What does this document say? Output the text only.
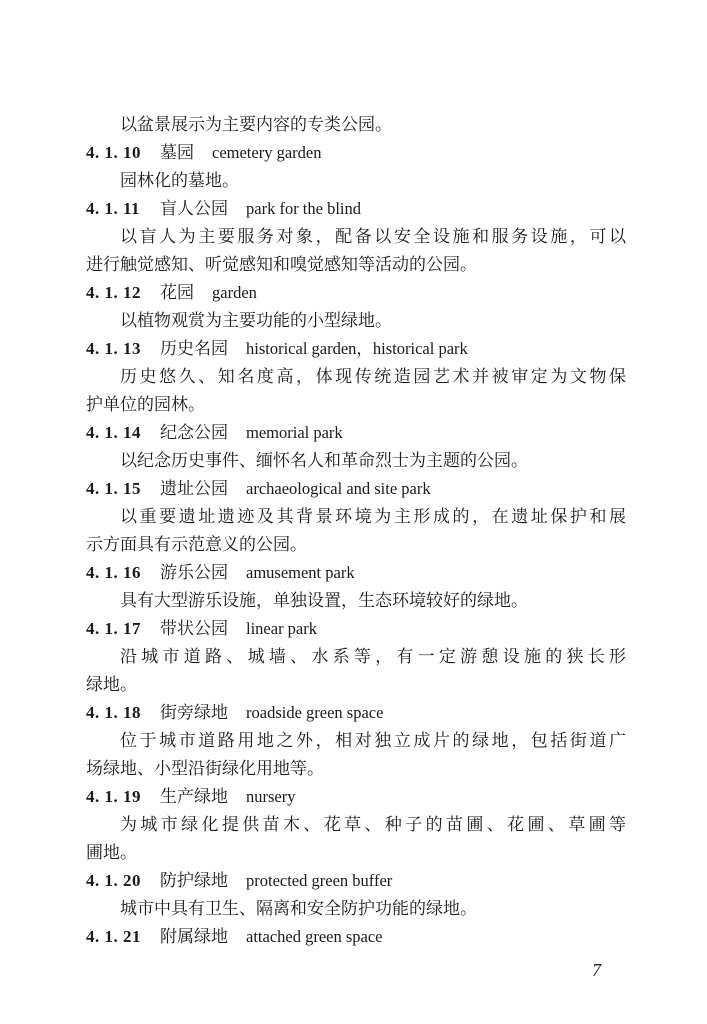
以盆景展示为主要内容的专类公园。
4. 1. 10 墓园 cemetery garden
园林化的墓地。
4. 1. 11 盲人公园 park for the blind
以盲人为主要服务对象，配备以安全设施和服务设施，可以
进行触觉感知、听觉感知和嗅觉感知等活动的公园。
4. 1. 12 花园 garden
以植物观赏为主要功能的小型绿地。
4. 1. 13 历史名园 historical garden，historical park
历史悠久、知名度高，体现传统造园艺术并被审定为文物保
护单位的园林。
4. 1. 14 纪念公园 memorial park
以纪念历史事件、缅怀名人和革命烈士为主题的公园。
4. 1. 15 遗址公园 archaeological and site park
以重要遗址遗迹及其背景环境为主形成的，在遗址保护和展
示方面具有示范意义的公园。
4. 1. 16 游乐公园 amusement park
具有大型游乐设施，单独设置，生态环境较好的绿地。
4. 1. 17 带状公园 linear park
沿城市道路、城墙、水系等，有一定游憩设施的狭长形
绿地。
4. 1. 18 街旁绿地 roadside green space
位于城市道路用地之外，相对独立成片的绿地，包括街道广
场绿地、小型沿街绿化用地等。
4. 1. 19 生产绿地 nursery
为城市绿化提供苗木、花草、种子的苗圃、花圃、草圃等
圃地。
4. 1. 20 防护绿地 protected green buffer
城市中具有卫生、隔离和安全防护功能的绿地。
4. 1. 21 附属绿地 attached green space
7
